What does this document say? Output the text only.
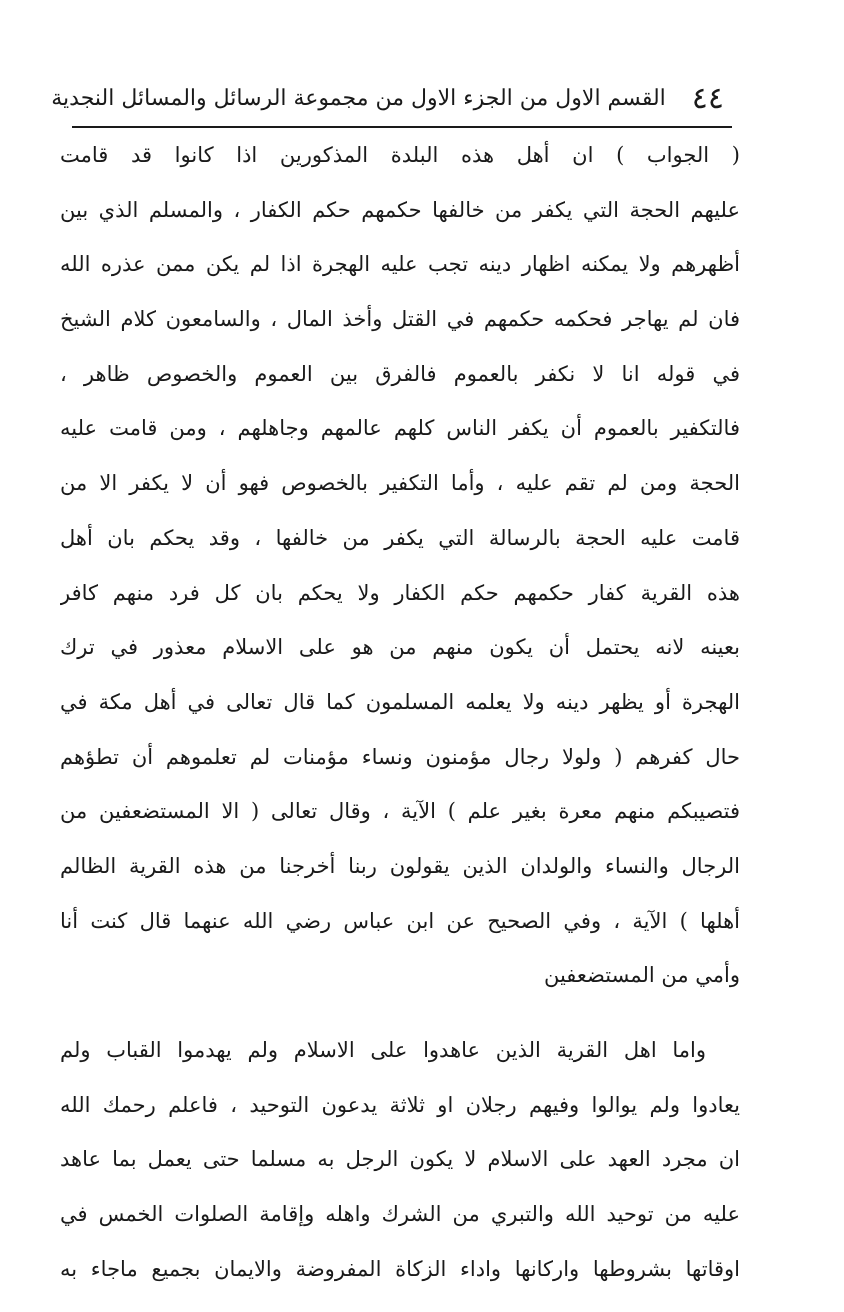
٤٤
القسم الاول من الجزء الاول من مجموعة الرسائل والمسائل النجدية
( الجواب ) ان أهل هذه البلدة المذكورين اذا كانوا قد قامت
عليهم الحجة التي يكفر من خالفها حكمهم حكم الكفار ، والمسلم الذي بين
أظهرهم ولا يمكنه اظهار دينه تجب عليه الهجرة اذا لم يكن ممن عذره الله
فان لم يهاجر فحكمه حكمهم في القتل وأخذ المال ، والسامعون كلام الشيخ
في قوله انا لا نكفر بالعموم فالفرق بين العموم والخصوص ظاهر ،
فالتكفير بالعموم أن يكفر الناس كلهم عالمهم وجاهلهم ، ومن قامت عليه
الحجة ومن لم تقم عليه ، وأما التكفير بالخصوص فهو أن لا يكفر الا من
قامت عليه الحجة بالرسالة التي يكفر من خالفها ، وقد يحكم بان أهل
هذه القرية كفار حكمهم حكم الكفار ولا يحكم بان كل فرد منهم كافر
بعينه لانه يحتمل أن يكون منهم من هو على الاسلام معذور في ترك
الهجرة أو يظهر دينه ولا يعلمه المسلمون كما قال تعالى في أهل مكة في
حال كفرهم ( ولولا رجال مؤمنون ونساء مؤمنات لم تعلموهم أن تطؤهم
فتصيبكم منهم معرة بغير علم ) الآية ، وقال تعالى ( الا المستضعفين من
الرجال والنساء والولدان الذين يقولون ربنا أخرجنا من هذه القرية الظالم
أهلها ) الآية ، وفي الصحيح عن ابن عباس رضي الله عنهما قال كنت أنا
وأمي من المستضعفين
واما اهل القرية الذين عاهدوا على الاسلام ولم يهدموا القباب ولم
يعادوا ولم يوالوا وفيهم رجلان او ثلاثة يدعون التوحيد ، فاعلم رحمك الله
ان مجرد العهد على الاسلام لا يكون الرجل به مسلما حتى يعمل بما عاهد
عليه من توحيد الله والتبري من الشرك واهله وإقامة الصلوات الخمس في
اوقاتها بشروطها واركانها واداء الزكاة المفروضة والايمان بجميع ماجاء به
